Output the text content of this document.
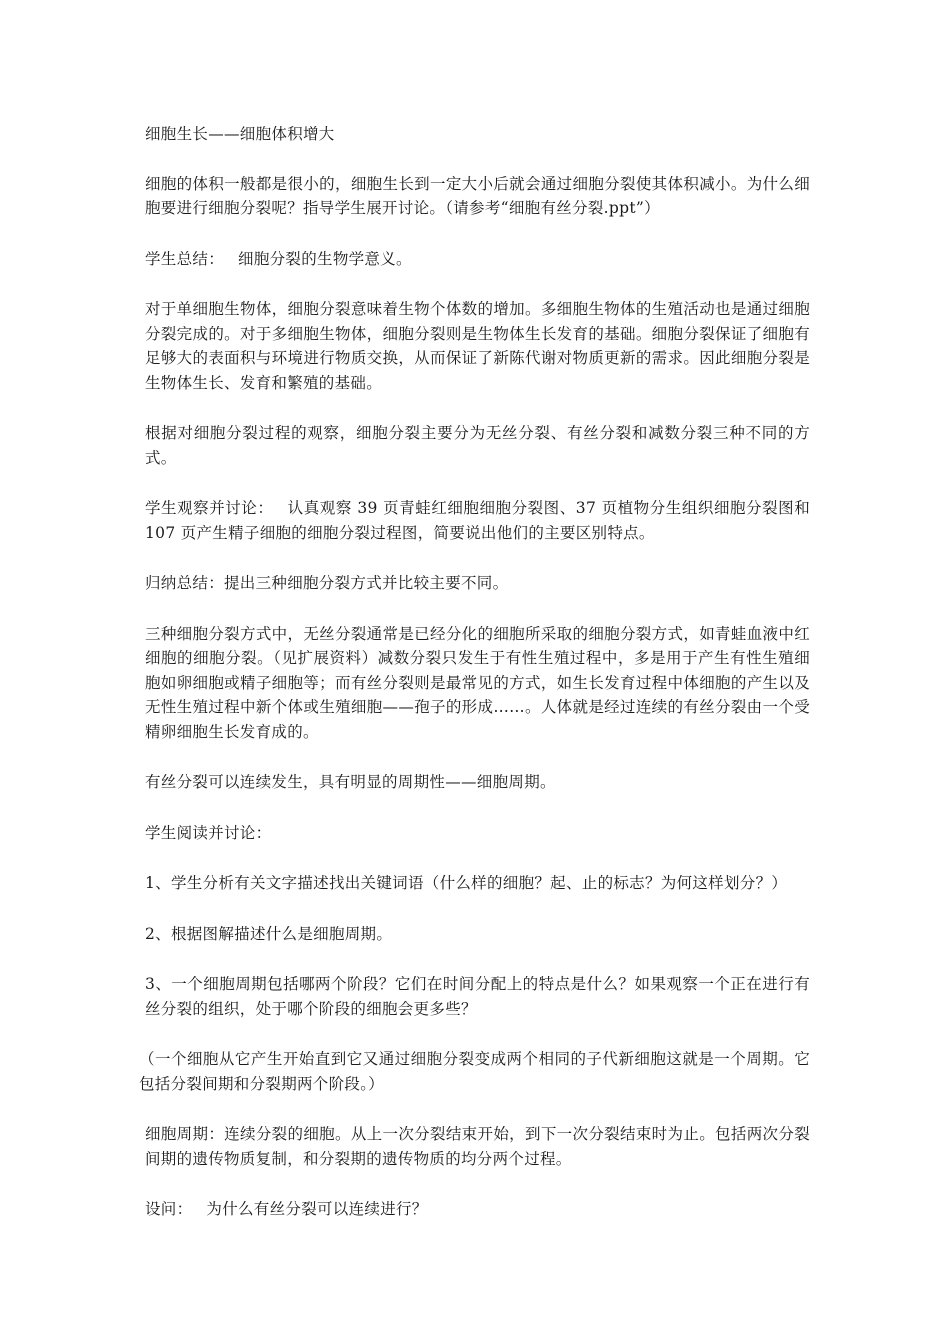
细胞生长——细胞体积增大

细胞的体积一般都是很小的，细胞生长到一定大小后就会通过细胞分裂使其体积减小。为什么细胞要进行细胞分裂呢？指导学生展开讨论。（请参考“细胞有丝分裂.ppt”）

学生总结： 细胞分裂的生物学意义。

对于单细胞生物体，细胞分裂意味着生物个体数的增加。多细胞生物体的生殖活动也是通过细胞分裂完成的。对于多细胞生物体，细胞分裂则是生物体生长发育的基础。细胞分裂保证了细胞有足够大的表面积与环境进行物质交换，从而保证了新陈代谢对物质更新的需求。因此细胞分裂是生物体生长、发育和繁殖的基础。

根据对细胞分裂过程的观察，细胞分裂主要分为无丝分裂、有丝分裂和减数分裂三种不同的方式。

学生观察并讨论： 认真观察 39 页青蛙红细胞细胞分裂图、37 页植物分生组织细胞分裂图和 107 页产生精子细胞的细胞分裂过程图，简要说出他们的主要区别特点。

归纳总结：提出三种细胞分裂方式并比较主要不同。

三种细胞分裂方式中，无丝分裂通常是已经分化的细胞所采取的细胞分裂方式，如青蛙血液中红细胞的细胞分裂。（见扩展资料）减数分裂只发生于有性生殖过程中，多是用于产生有性生殖细胞如卵细胞或精子细胞等；而有丝分裂则是最常见的方式，如生长发育过程中体细胞的产生以及无性生殖过程中新个体或生殖细胞——孢子的形成……。人体就是经过连续的有丝分裂由一个受精卵细胞生长发育成的。

有丝分裂可以连续发生，具有明显的周期性——细胞周期。

学生阅读并讨论：

1、学生分析有关文字描述找出关键词语（什么样的细胞？起、止的标志？为何这样划分？）

2、根据图解描述什么是细胞周期。

3、一个细胞周期包括哪两个阶段？它们在时间分配上的特点是什么？如果观察一个正在进行有丝分裂的组织，处于哪个阶段的细胞会更多些？

（一个细胞从它产生开始直到它又通过细胞分裂变成两个相同的子代新细胞这就是一个周期。它包括分裂间期和分裂期两个阶段。）

细胞周期：连续分裂的细胞。从上一次分裂结束开始，到下一次分裂结束时为止。包括两次分裂间期的遗传物质复制，和分裂期的遗传物质的均分两个过程。

设问： 为什么有丝分裂可以连续进行？
